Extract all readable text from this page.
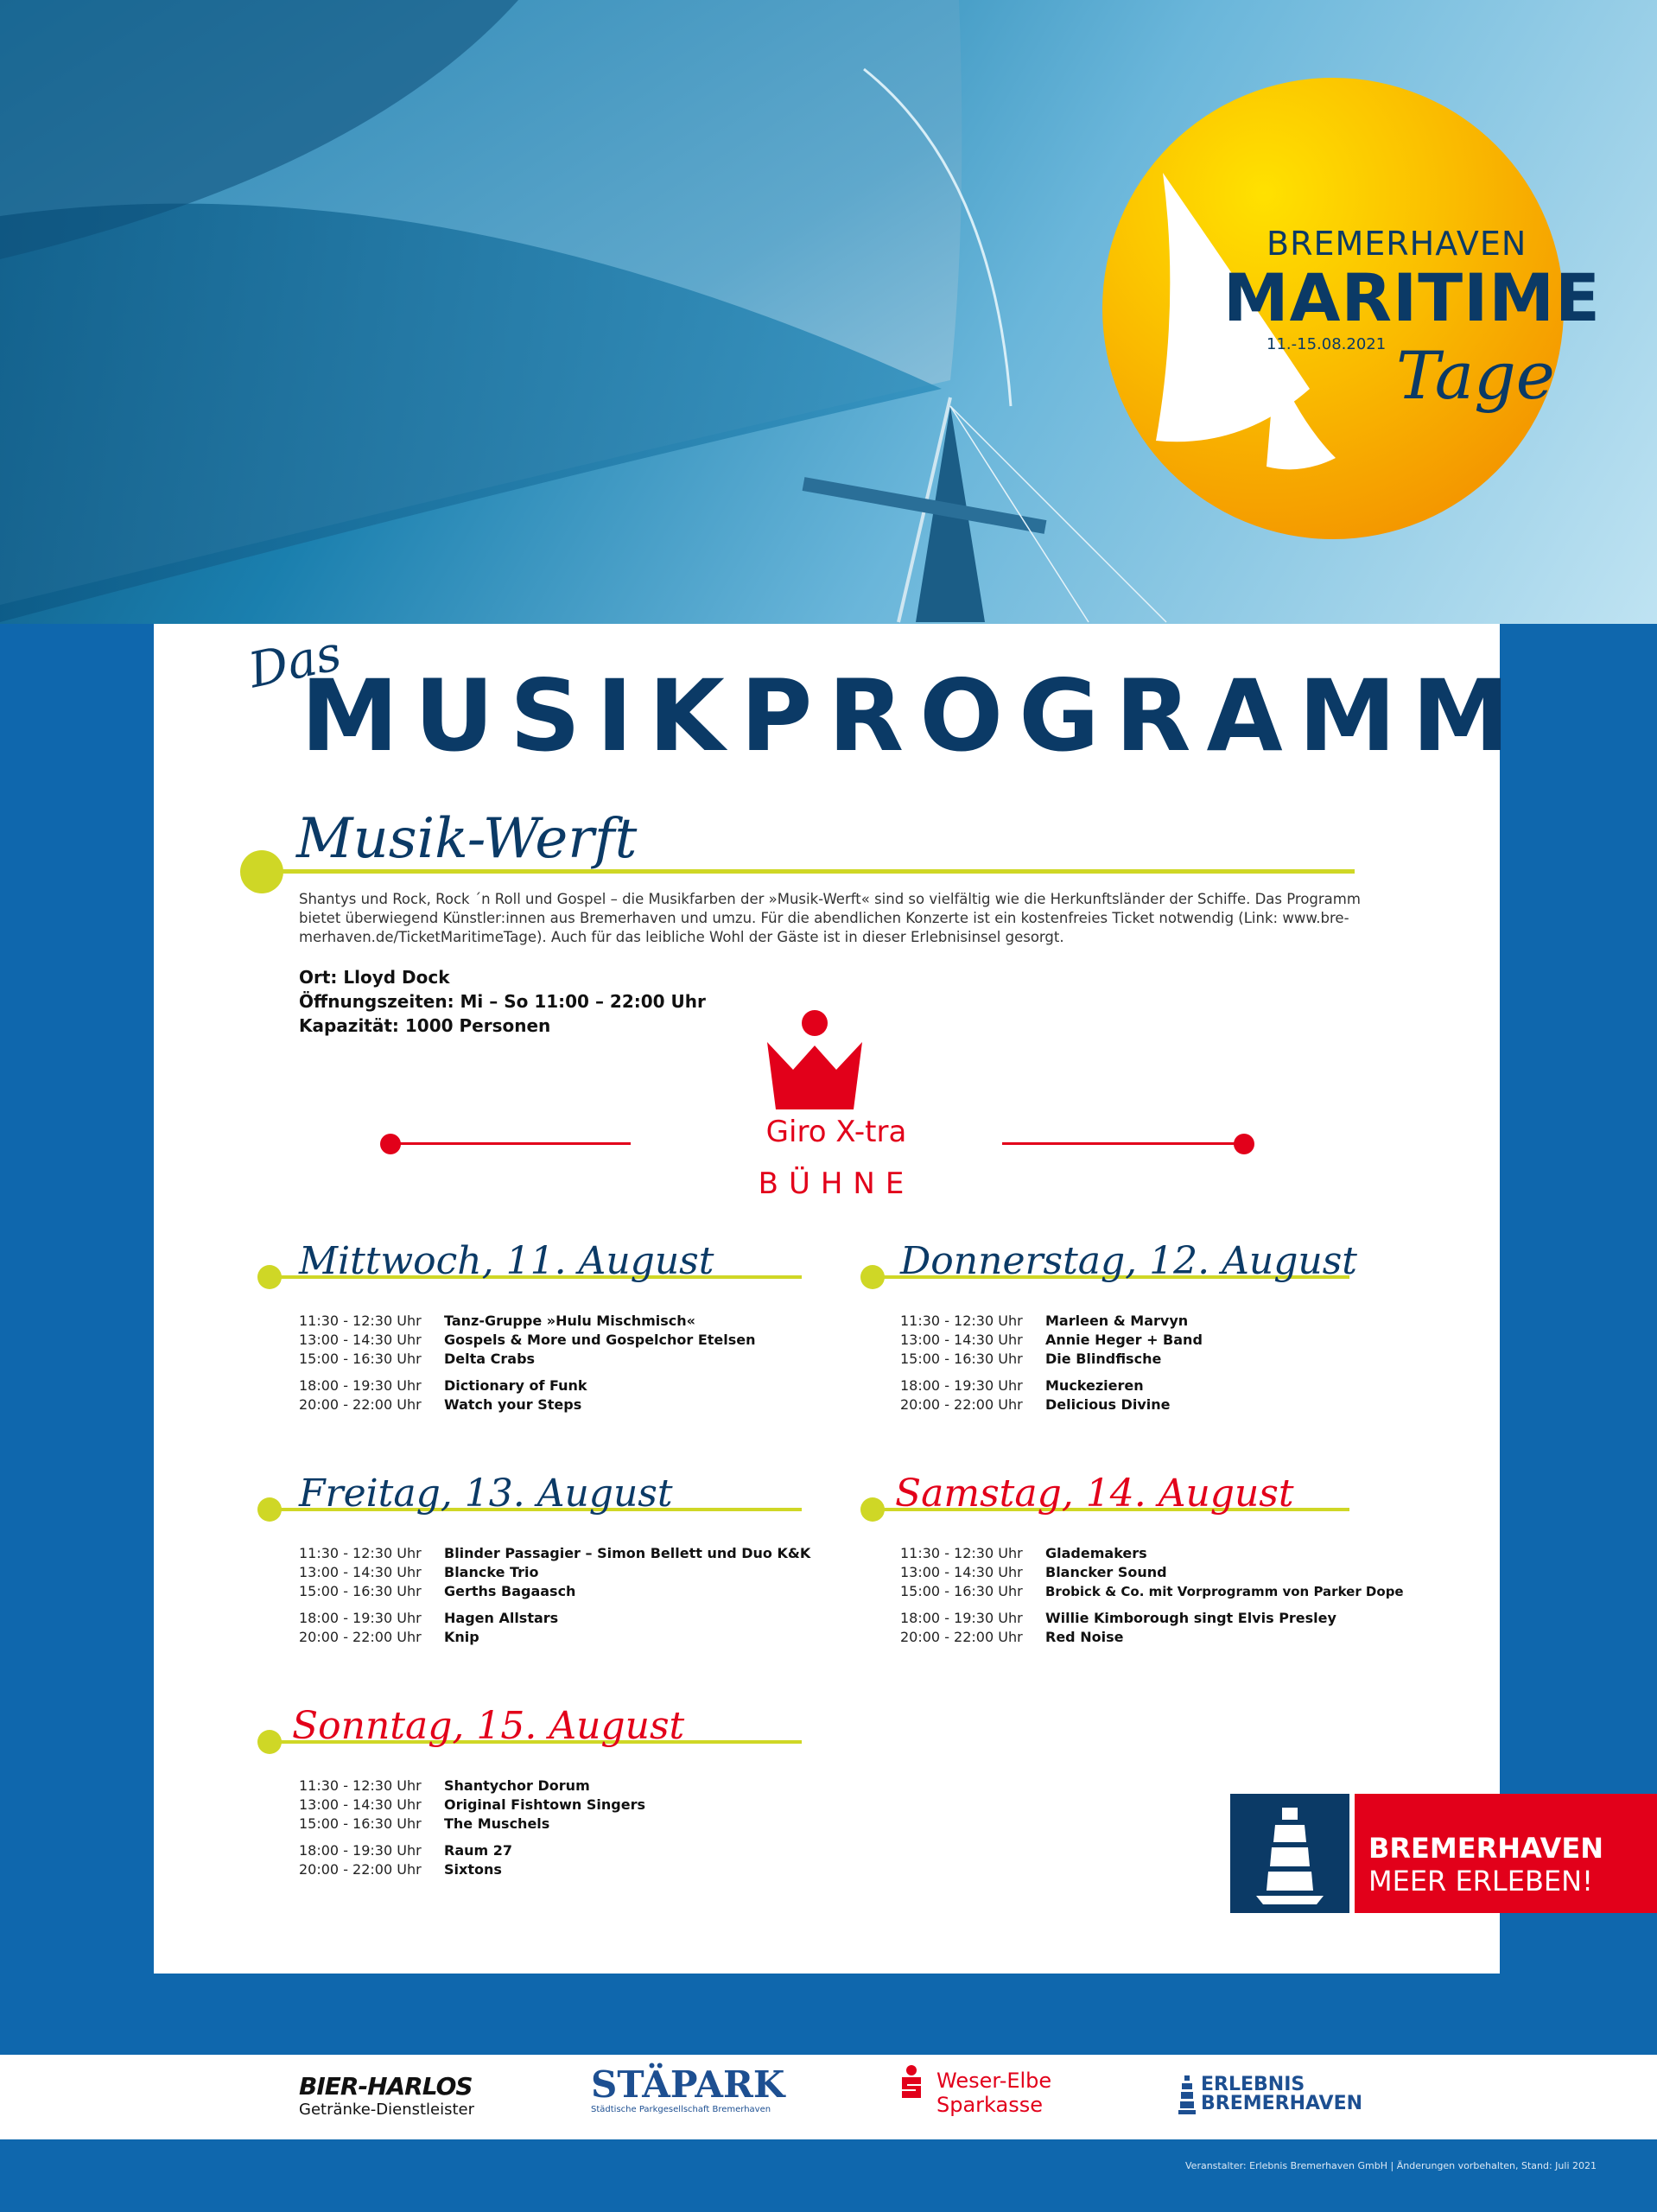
BREMERHAVEN
MARITIME
11.-15.08.2021 Tage
Das
MUSIKPROGRAMM
Musik-Werft
Shantys und Rock, Rock ´n Roll und Gospel – die Musikfarben der »Musik-Werft« sind so vielfältig wie die Herkunftsländer der Schiffe. Das Programm bietet überwiegend Künstler:innen aus Bremerhaven und umzu. Für die abendlichen Konzerte ist ein kostenfreies Ticket notwendig (Link: www.bre-merhaven.de/TicketMaritimeTage). Auch für das leibliche Wohl der Gäste ist in dieser Erlebnisinsel gesorgt.
Ort: Lloyd Dock
Öffnungszeiten: Mi – So 11:00 – 22:00 Uhr
Kapazität: 1000 Personen
Giro X-tra
BÜHNE
Mittwoch, 11. August
11:30 - 12:30 Uhr	Tanz-Gruppe »Hulu Mischmisch«
13:00 - 14:30 Uhr	Gospels & More und Gospelchor Etelsen
15:00 - 16:30 Uhr	Delta Crabs
18:00 - 19:30 Uhr	Dictionary of Funk
20:00 - 22:00 Uhr	Watch your Steps
Donnerstag, 12. August
11:30 - 12:30 Uhr	Marleen & Marvyn
13:00 - 14:30 Uhr	Annie Heger + Band
15:00 - 16:30 Uhr	Die Blindfische
18:00 - 19:30 Uhr	Muckezieren
20:00 - 22:00 Uhr	Delicious Divine
Freitag, 13. August
11:30 - 12:30 Uhr	Blinder Passagier – Simon Bellett und Duo K&K
13:00 - 14:30 Uhr	Blancke Trio
15:00 - 16:30 Uhr	Gerths Bagaasch
18:00 - 19:30 Uhr	Hagen Allstars
20:00 - 22:00 Uhr	Knip
Samstag, 14. August
11:30 - 12:30 Uhr	Glademakers
13:00 - 14:30 Uhr	Blancker Sound
15:00 - 16:30 Uhr	Brobick & Co. mit Vorprogramm von Parker Dope
18:00 - 19:30 Uhr	Willie Kimborough singt Elvis Presley
20:00 - 22:00 Uhr	Red Noise
Sonntag, 15. August
11:30 - 12:30 Uhr	Shantychor Dorum
13:00 - 14:30 Uhr	Original Fishtown Singers
15:00 - 16:30 Uhr	The Muschels
18:00 - 19:30 Uhr	Raum 27
20:00 - 22:00 Uhr	Sixtons
BREMERHAVEN
MEER ERLEBEN!
BIER-HARLOS
Getränke-Dienstleister
STÄPARK
Städtische Parkgesellschaft Bremerhaven
Weser-Elbe
Sparkasse
ERLEBNIS
BREMERHAVEN
Veranstalter: Erlebnis Bremerhaven GmbH | Änderungen vorbehalten, Stand: Juli 2021
